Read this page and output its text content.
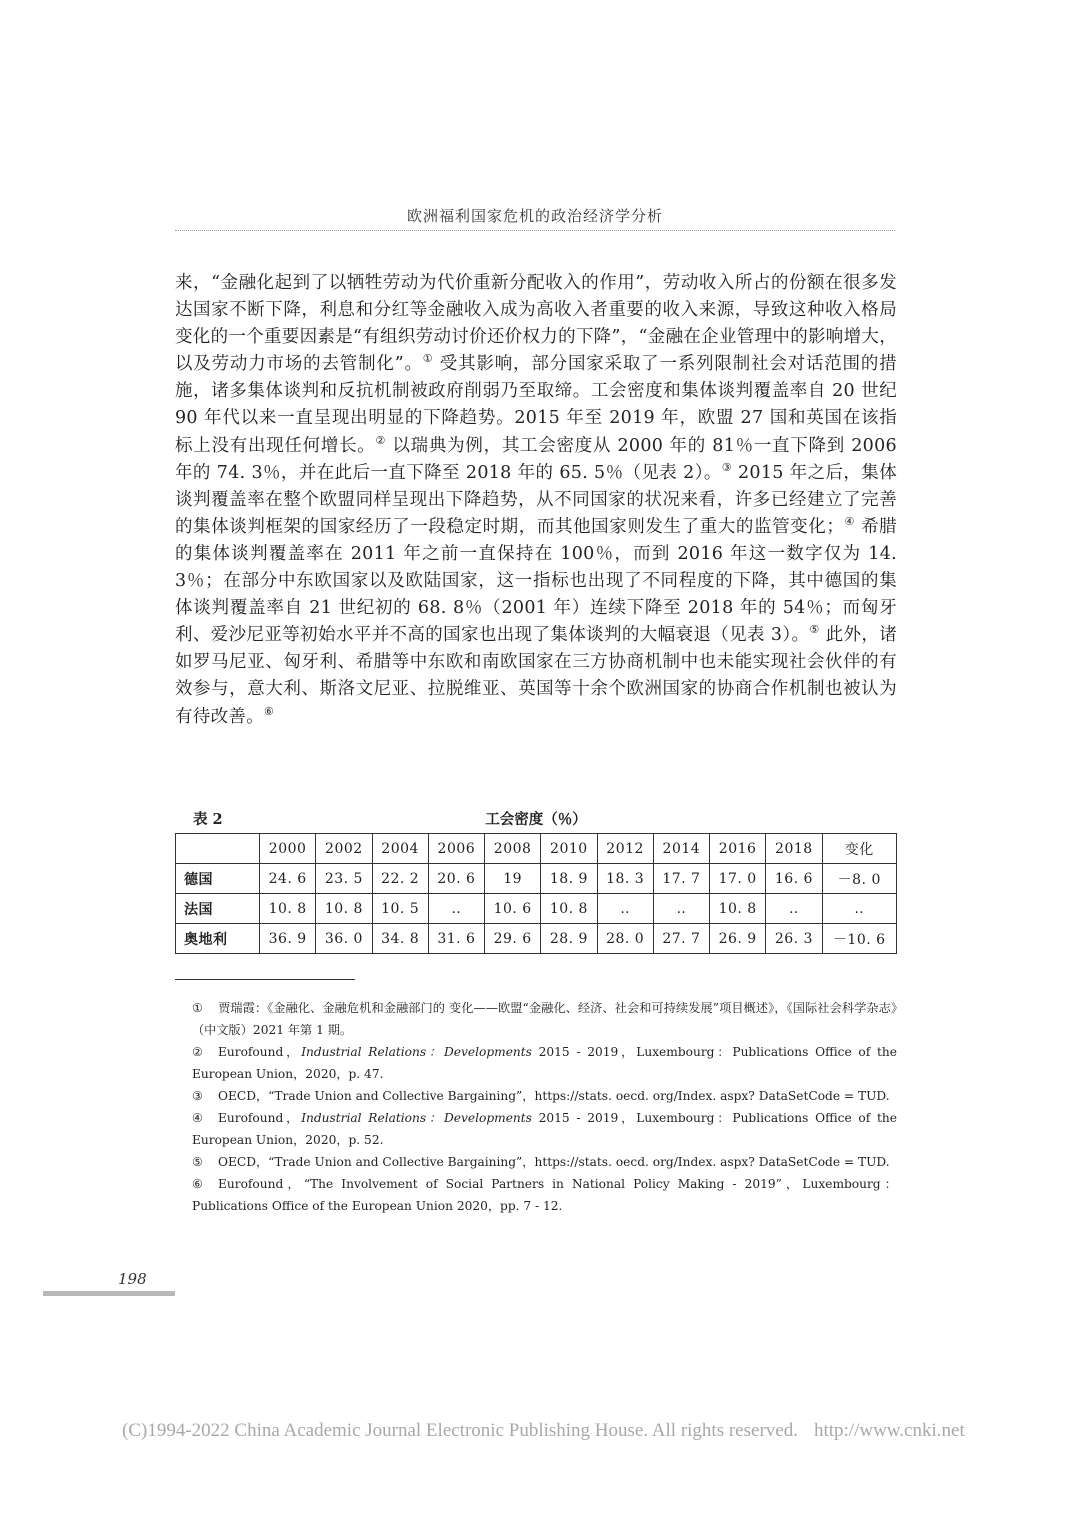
欧洲福利国家危机的政治经济学分析

来，“金融化起到了以牺牲劳动为代价重新分配收入的作用”，劳动收入所占的份额在很多发达国家不断下降，利息和分红等金融收入成为高收入者重要的收入来源，导致这种收入格局变化的一个重要因素是“有组织劳动讨价还价权力的下降”，“金融在企业管理中的影响增大，以及劳动力市场的去管制化”。① 受其影响，部分国家采取了一系列限制社会对话范围的措施，诸多集体谈判和反抗机制被政府削弱乃至取缔。工会密度和集体谈判覆盖率自 20 世纪 90 年代以来一直呈现出明显的下降趋势。2015 年至 2019 年，欧盟 27 国和英国在该指标上没有出现任何增长。② 以瑞典为例，其工会密度从 2000 年的 81％一直下降到 2006 年的 74. 3％，并在此后一直下降至 2018 年的 65. 5％（见表 2）。③ 2015 年之后，集体谈判覆盖率在整个欧盟同样呈现出下降趋势，从不同国家的状况来看，许多已经建立了完善的集体谈判框架的国家经历了一段稳定时期，而其他国家则发生了重大的监管变化；④ 希腊的集体谈判覆盖率在 2011 年之前一直保持在 100％，而到 2016 年这一数字仅为 14. 3％；在部分中东欧国家以及欧陆国家，这一指标也出现了不同程度的下降，其中德国的集体谈判覆盖率自 21 世纪初的 68. 8％（2001 年）连续下降至 2018 年的 54％；而匈牙利、爱沙尼亚等初始水平并不高的国家也出现了集体谈判的大幅衰退（见表 3）。⑤ 此外，诸如罗马尼亚、匈牙利、希腊等中东欧和南欧国家在三方协商机制中也未能实现社会伙伴的有效参与，意大利、斯洛文尼亚、拉脱维亚、英国等十余个欧洲国家的协商合作机制也被认为有待改善。⑥

工会密度（％）
表 2
	2000	2002	2004	2006	2008	2010	2012	2014	2016	2018	变化
德国	24. 6	23. 5	22. 2	20. 6	19	18. 9	18. 3	17. 7	17. 0	16. 6	－8. 0
法国	10. 8	10. 8	10. 5	‥	10. 6	10. 8	‥	‥	10. 8	‥	‥
奥地利	36. 9	36. 0	34. 8	31. 6	29. 6	28. 9	28. 0	27. 7	26. 9	26. 3	－10. 6

① 贾瑞霞：《金融化、金融危机和金融部门的 变化——欧盟“金融化、经济、社会和可持续发展”项目概述》，《国际社会科学杂志》（中文版）2021 年第 1 期。

② Eurofound，Industrial Relations：Developments 2015 - 2019，Luxembourg：Publications Office of the European Union，2020，p. 47.

③ OECD，“Trade Union and Collective Bargaining”，https://stats. oecd. org/Index. aspx? DataSetCode = TUD.

④ Eurofound，Industrial Relations：Developments 2015 - 2019，Luxembourg：Publications Office of the European Union，2020，p. 52.

⑤ OECD，“Trade Union and Collective Bargaining”，https://stats. oecd. org/Index. aspx? DataSetCode = TUD.

⑥ Eurofound，“The Involvement of Social Partners in National Policy Making - 2019”，Luxembourg：Publications Office of the European Union 2020，pp. 7 - 12.

198
(C)1994-2022 China Academic Journal Electronic Publishing House. All rights reserved. http://www.cnki.net
